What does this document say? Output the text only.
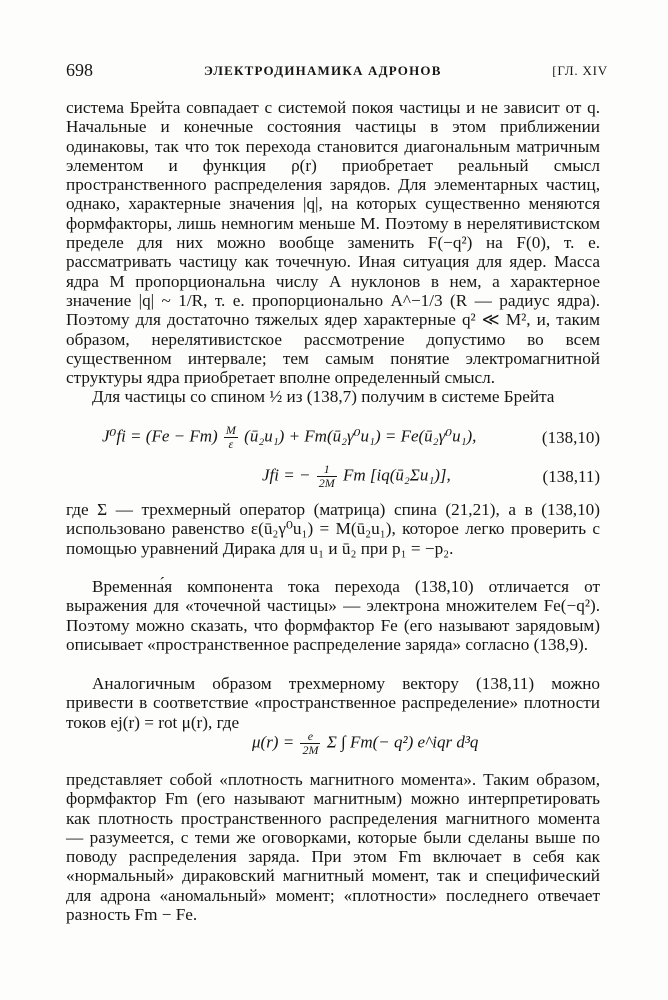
698	ЭЛЕКТРОДИНАМИКА АДРОНОВ	[ГЛ. XIV

система Брейта совпадает с системой покоя частицы и не зависит от q. Начальные и конечные состояния частицы в этом приближении одинаковы, так что ток перехода становится диагональным матричным элементом и функция ρ(r) приобретает реальный смысл пространственного распределения зарядов. Для элементарных частиц, однако, характерные значения |q|, на которых существенно меняются формфакторы, лишь немногим меньше M. Поэтому в нерелятивистском пределе для них можно вообще заменить F(−q²) на F(0), т. е. рассматривать частицу как точечную. Иная ситуация для ядер. Масса ядра M пропорциональна числу A нуклонов в нем, а характерное значение |q| ~ 1/R, т. е. пропорционально A^−1/3 (R — радиус ядра). Поэтому для достаточно тяжелых ядер характерные q² ≪ M², и, таким образом, нерелятивистское рассмотрение допустимо во всем существенном интервале; тем самым понятие электромагнитной структуры ядра приобретает вполне определенный смысл.

Для частицы со спином ½ из (138,7) получим в системе Брейта

$J^0fi = (Fe - Fm) \frac{M}{\varepsilon}$ (ū₂u₁) + Fm(ū₂γ⁰u₁) = Fe(ū₂γ⁰u₁),	(138,10)
Jfi = − $\frac{1}{2M}$ Fm [iq(ū₂Σu₁)],	(138,11)

где Σ — трехмерный оператор (матрица) спина (21,21), а в (138,10) использовано равенство ε(ū₂γ⁰u₁) = M(ū₂u₁), которое легко проверить с помощью уравнений Дирака для u₁ и ū₂ при p₁ = −p₂.

Временна́я компонента тока перехода (138,10) отличается от выражения для «точечной частицы» — электрона множителем Fe(−q²). Поэтому можно сказать, что формфактор Fe (его называют зарядовым) описывает «пространственное распределение заряда» согласно (138,9).

Аналогичным образом трехмерному вектору (138,11) можно привести в соответствие «пространственное распределение» плотности токов ej(r) = rot μ(r), где

$\mu(r) = \frac{e}{2M}$ Σ ∫ Fm(− q²) e^iqr d³q

представляет собой «плотность магнитного момента». Таким образом, формфактор Fm (его называют магнитным) можно интерпретировать как плотность пространственного распределения магнитного момента — разумеется, с теми же оговорками, которые были сделаны выше по поводу распределения заряда. При этом Fm включает в себя как «нормальный» дираковский магнитный момент, так и специфический для адрона «аномальный» момент; «плотности» последнего отвечает разность Fm − Fe.
